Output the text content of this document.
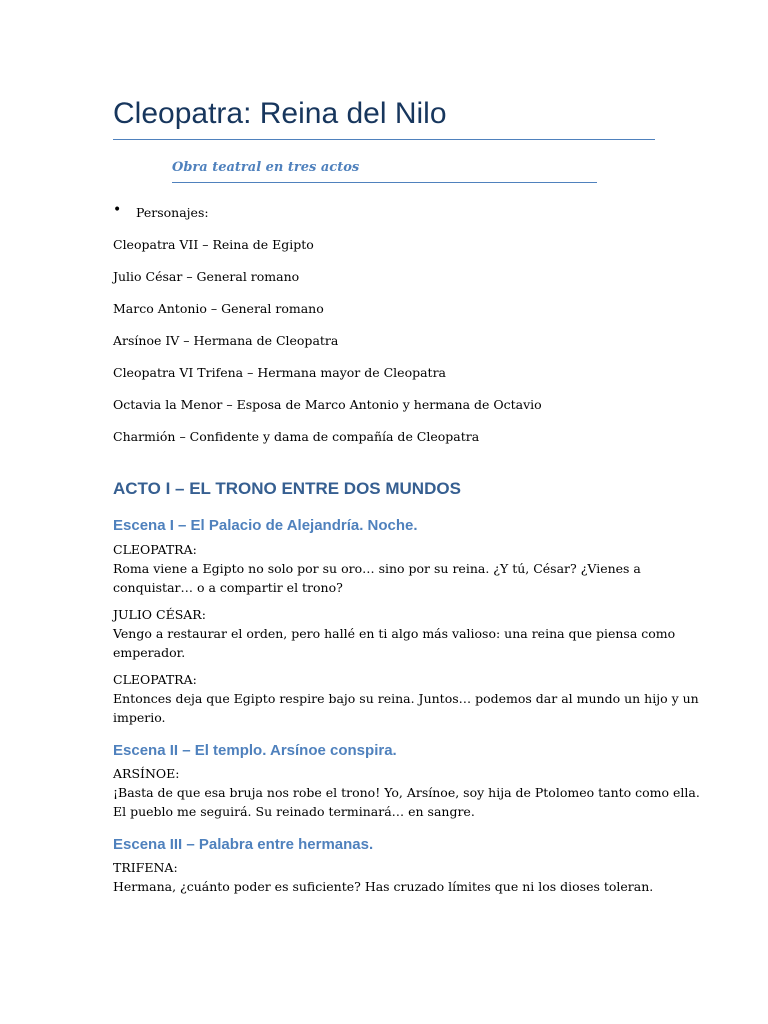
Cleopatra: Reina del Nilo
Obra teatral en tres actos
• Personajes:
Cleopatra VII – Reina de Egipto
Julio César – General romano
Marco Antonio – General romano
Arsínoe IV – Hermana de Cleopatra
Cleopatra VI Trifena – Hermana mayor de Cleopatra
Octavia la Menor – Esposa de Marco Antonio y hermana de Octavio
Charmión – Confidente y dama de compañía de Cleopatra
ACTO I – EL TRONO ENTRE DOS MUNDOS
Escena I – El Palacio de Alejandría. Noche.
CLEOPATRA:
Roma viene a Egipto no solo por su oro… sino por su reina. ¿Y tú, César? ¿Vienes a
conquistar… o a compartir el trono?
JULIO CÉSAR:
Vengo a restaurar el orden, pero hallé en ti algo más valioso: una reina que piensa como
emperador.
CLEOPATRA:
Entonces deja que Egipto respire bajo su reina. Juntos… podemos dar al mundo un hijo y un
imperio.
Escena II – El templo. Arsínoe conspira.
ARSÍNOE:
¡Basta de que esa bruja nos robe el trono! Yo, Arsínoe, soy hija de Ptolomeo tanto como ella.
El pueblo me seguirá. Su reinado terminará… en sangre.
Escena III – Palabra entre hermanas.
TRIFENA:
Hermana, ¿cuánto poder es suficiente? Has cruzado límites que ni los dioses toleran.
